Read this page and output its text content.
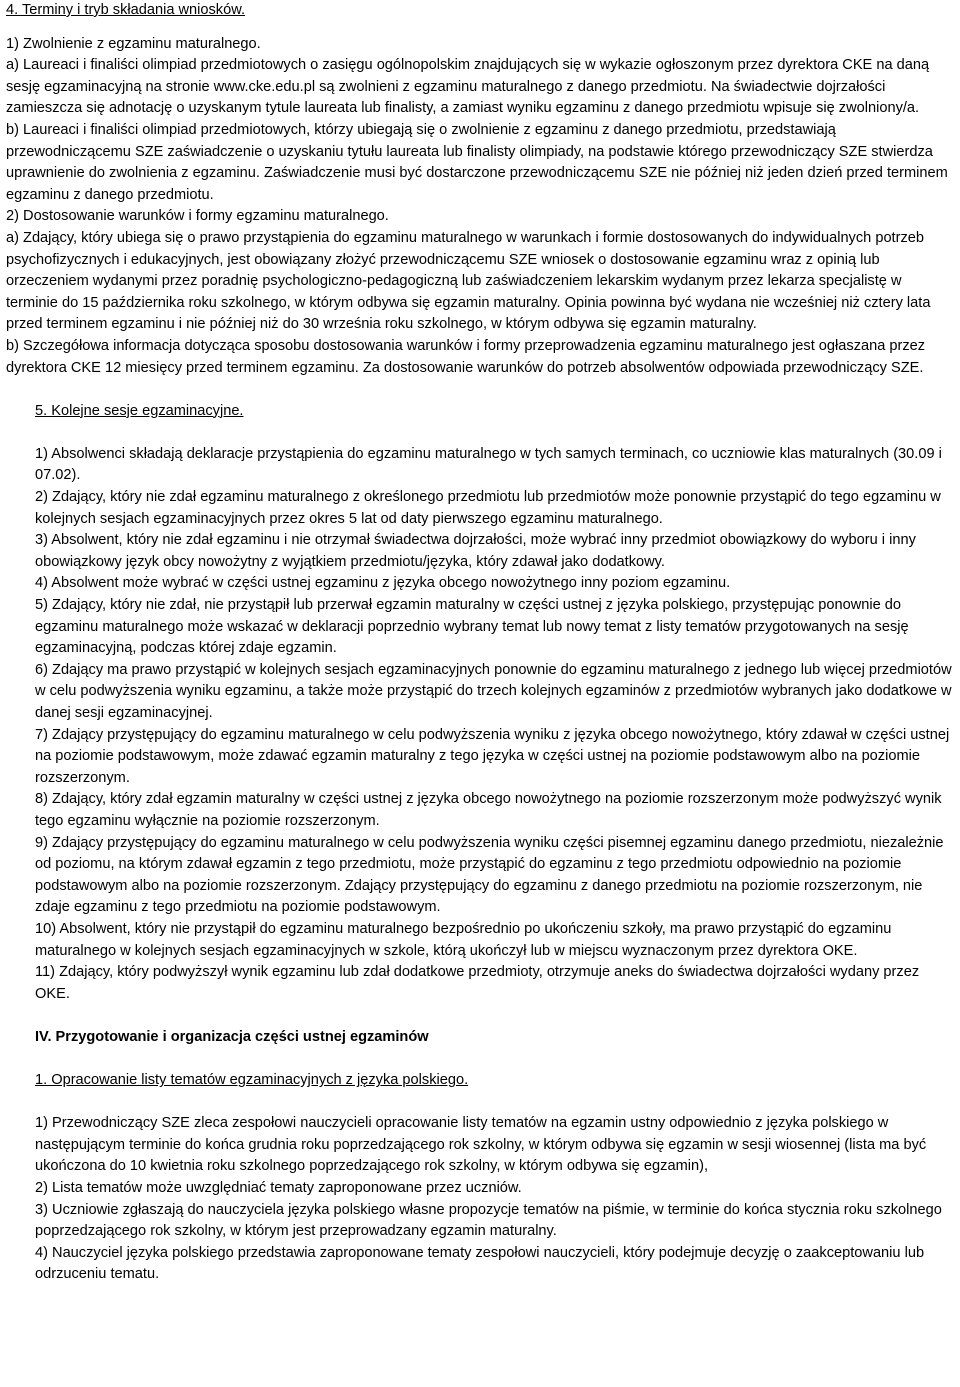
4. Terminy i tryb składania wniosków.

1) Zwolnienie z egzaminu maturalnego.

a) Laureaci i finaliści olimpiad przedmiotowych o zasięgu ogólnopolskim znajdujących się w wykazie ogłoszonym przez dyrektora CKE na daną sesję egzaminacyjną na stronie www.cke.edu.pl są zwolnieni z egzaminu maturalnego z danego przedmiotu. Na świadectwie dojrzałości zamieszcza się adnotację o uzyskanym tytule laureata lub finalisty, a zamiast wyniku egzaminu z danego przedmiotu wpisuje się zwolniony/a.

b) Laureaci i finaliści olimpiad przedmiotowych, którzy ubiegają się o zwolnienie z egzaminu z danego przedmiotu, przedstawiają przewodniczącemu SZE zaświadczenie o uzyskaniu tytułu laureata lub finalisty olimpiady, na podstawie którego przewodniczący SZE stwierdza uprawnienie do zwolnienia z egzaminu. Zaświadczenie musi być dostarczone przewodniczącemu SZE nie później niż jeden dzień przed terminem egzaminu z danego przedmiotu.

2) Dostosowanie warunków i formy egzaminu maturalnego.

a) Zdający, który ubiega się o prawo przystąpienia do egzaminu maturalnego w warunkach i formie dostosowanych do indywidualnych potrzeb psychofizycznych i edukacyjnych, jest obowiązany złożyć przewodniczącemu SZE wniosek o dostosowanie egzaminu wraz z opinią lub orzeczeniem wydanymi przez poradnię psychologiczno-pedagogiczną lub zaświadczeniem lekarskim wydanym przez lekarza specjalistę w terminie do 15 października roku szkolnego, w którym odbywa się egzamin maturalny. Opinia powinna być wydana nie wcześniej niż cztery lata przed terminem egzaminu i nie później niż do 30 września roku szkolnego, w którym odbywa się egzamin maturalny.

b) Szczegółowa informacja dotycząca sposobu dostosowania warunków i formy przeprowadzenia egzaminu maturalnego jest ogłaszana przez dyrektora CKE 12 miesięcy przed terminem egzaminu. Za dostosowanie warunków do potrzeb absolwentów odpowiada przewodniczący SZE.

5. Kolejne sesje egzaminacyjne.

1) Absolwenci składają deklaracje przystąpienia do egzaminu maturalnego w tych samych terminach, co uczniowie klas maturalnych (30.09 i 07.02).

2) Zdający, który nie zdał egzaminu maturalnego z określonego przedmiotu lub przedmiotów może ponownie przystąpić do tego egzaminu w kolejnych sesjach egzaminacyjnych przez okres 5 lat od daty pierwszego egzaminu maturalnego.

3) Absolwent, który nie zdał egzaminu i nie otrzymał świadectwa dojrzałości, może wybrać inny przedmiot obowiązkowy do wyboru i inny obowiązkowy język obcy nowożytny z wyjątkiem przedmiotu/języka, który zdawał jako dodatkowy.

4) Absolwent może wybrać w części ustnej egzaminu z języka obcego nowożytnego inny poziom egzaminu.

5) Zdający, który nie zdał, nie przystąpił lub przerwał egzamin maturalny w części ustnej z języka polskiego, przystępując ponownie do egzaminu maturalnego może wskazać w deklaracji poprzednio wybrany temat lub nowy temat z listy tematów przygotowanych na sesję egzaminacyjną, podczas której zdaje egzamin.

6) Zdający ma prawo przystąpić w kolejnych sesjach egzaminacyjnych ponownie do egzaminu maturalnego z jednego lub więcej przedmiotów w celu podwyższenia wyniku egzaminu, a także może przystąpić do trzech kolejnych egzaminów z przedmiotów wybranych jako dodatkowe w danej sesji egzaminacyjnej.

7) Zdający przystępujący do egzaminu maturalnego w celu podwyższenia wyniku z języka obcego nowożytnego, który zdawał w części ustnej na poziomie podstawowym, może zdawać egzamin maturalny z tego języka w części ustnej na poziomie podstawowym albo na poziomie rozszerzonym.

8) Zdający, który zdał egzamin maturalny w części ustnej z języka obcego nowożytnego na poziomie rozszerzonym może podwyższyć wynik tego egzaminu wyłącznie na poziomie rozszerzonym.

9) Zdający przystępujący do egzaminu maturalnego w celu podwyższenia wyniku części pisemnej egzaminu danego przedmiotu, niezależnie od poziomu, na którym zdawał egzamin z tego przedmiotu, może przystąpić do egzaminu z tego przedmiotu odpowiednio na poziomie podstawowym albo na poziomie rozszerzonym. Zdający przystępujący do egzaminu z danego przedmiotu na poziomie rozszerzonym, nie zdaje egzaminu z tego przedmiotu na poziomie podstawowym.

10) Absolwent, który nie przystąpił do egzaminu maturalnego bezpośrednio po ukończeniu szkoły, ma prawo przystąpić do egzaminu maturalnego w kolejnych sesjach egzaminacyjnych w szkole, którą ukończył lub w miejscu wyznaczonym przez dyrektora OKE.

11) Zdający, który podwyższył wynik egzaminu lub zdał dodatkowe przedmioty, otrzymuje aneks do świadectwa dojrzałości wydany przez OKE.

IV. Przygotowanie i organizacja części ustnej egzaminów

1. Opracowanie listy tematów egzaminacyjnych z języka polskiego.

1) Przewodniczący SZE zleca zespołowi nauczycieli opracowanie listy tematów na egzamin ustny odpowiednio z języka polskiego w następującym terminie do końca grudnia roku poprzedzającego rok szkolny, w którym odbywa się egzamin w sesji wiosennej (lista ma być ukończona do 10 kwietnia roku szkolnego poprzedzającego rok szkolny, w którym odbywa się egzamin),

2) Lista tematów może uwzględniać tematy zaproponowane przez uczniów.

3) Uczniowie zgłaszają do nauczyciela języka polskiego własne propozycje tematów na piśmie, w terminie do końca stycznia roku szkolnego poprzedzającego rok szkolny, w którym jest przeprowadzany egzamin maturalny.

4) Nauczyciel języka polskiego przedstawia zaproponowane tematy zespołowi nauczycieli, który podejmuje decyzję o zaakceptowaniu lub odrzuceniu tematu.
